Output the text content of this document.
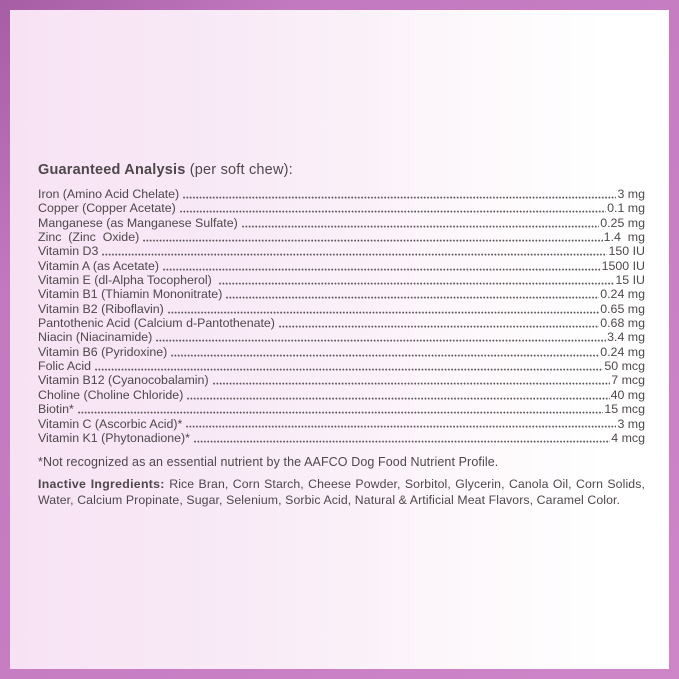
Guaranteed Analysis (per soft chew):
Iron (Amino Acid Chelate)	3 mg
Copper (Copper Acetate)	0.1 mg
Manganese (as Manganese Sulfate)	0.25 mg
Zinc  (Zinc  Oxide)	1.4  mg
Vitamin D3	150 IU
Vitamin A (as Acetate)	1500 IU
Vitamin E (dl-Alpha Tocopherol)	15 IU
Vitamin B1 (Thiamin Mononitrate)	0.24 mg
Vitamin B2 (Riboflavin)	0.65 mg
Pantothenic Acid (Calcium d-Pantothenate)	0.68 mg
Niacin (Niacinamide)	3.4 mg
Vitamin B6 (Pyridoxine)	0.24 mg
Folic Acid	50 mcg
Vitamin B12 (Cyanocobalamin)	7 mcg
Choline (Choline Chloride)	40 mg
Biotin*	15 mcg
Vitamin C (Ascorbic Acid)*	3 mg
Vitamin K1 (Phytonadione)*	4 mcg

*Not recognized as an essential nutrient by the AAFCO Dog Food Nutrient Profile.

Inactive Ingredients: Rice Bran, Corn Starch, Cheese Powder, Sorbitol, Glycerin, Canola Oil, Corn Solids, Water, Calcium Propinate, Sugar, Selenium, Sorbic Acid, Natural & Artificial Meat Flavors, Caramel Color.
